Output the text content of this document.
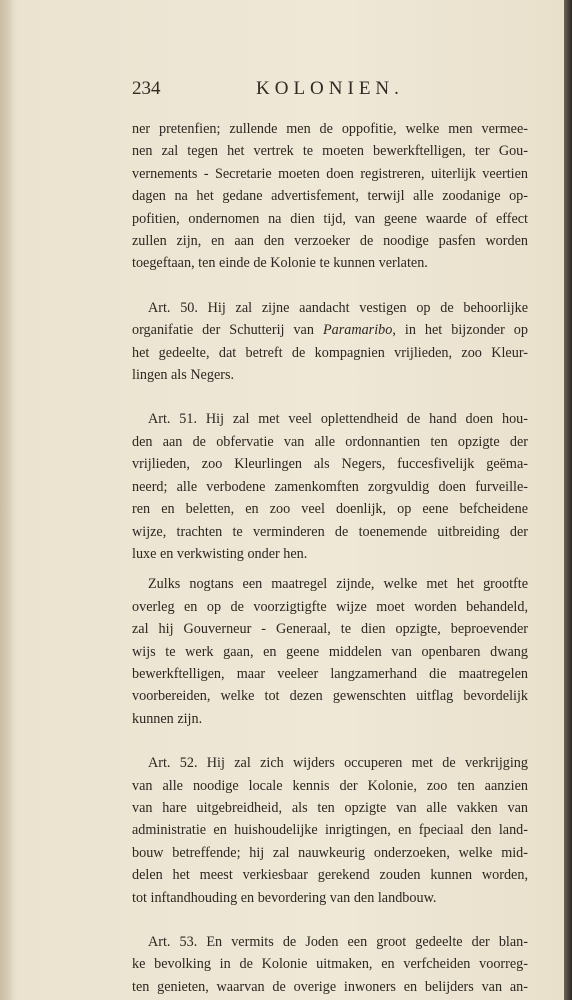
234	KOLONIEN.
ner pretenfien; zullende men de oppofitie, welke men vermee-
nen zal tegen het vertrek te moeten bewerkftelligen, ter Gou-
vernements - Secretarie moeten doen registreren, uiterlijk veertien
dagen na het gedane advertisfement, terwijl alle zoodanige op-
pofitien, ondernomen na dien tijd, van geene waarde of effect
zullen zijn, en aan den verzoeker de noodige pasfen worden
toegeftaan, ten einde de Kolonie te kunnen verlaten.
Art. 50. Hij zal zijne aandacht vestigen op de behoorlijke
organifatie der Schutterij van Paramaribo, in het bijzonder op
het gedeelte, dat betreft de kompagnien vrijlieden, zoo Kleur-
lingen als Negers.
Art. 51. Hij zal met veel oplettendheid de hand doen hou-
den aan de obfervatie van alle ordonnantien ten opzigte der
vrijlieden, zoo Kleurlingen als Negers, fuccesfivelijk geëma-
neerd; alle verbodene zamenkomften zorgvuldig doen furveille-
ren en beletten, en zoo veel doenlijk, op eene befcheidene
wijze, trachten te verminderen de toenemende uitbreiding der
luxe en verkwisting onder hen.
Zulks nogtans een maatregel zijnde, welke met het grootfte
overleg en op de voorzigtigfte wijze moet worden behandeld,
zal hij Gouverneur - Generaal, te dien opzigte, beproevender
wijs te werk gaan, en geene middelen van openbaren dwang
bewerkftelligen, maar veeleer langzamerhand die maatregelen
voorbereiden, welke tot dezen gewenschten uitflag bevordelijk
kunnen zijn.
Art. 52. Hij zal zich wijders occuperen met de verkrijging
van alle noodige locale kennis der Kolonie, zoo ten aanzien
van hare uitgebreidheid, als ten opzigte van alle vakken van
administratie en huishoudelijke inrigtingen, en fpeciaal den land-
bouw betreffende; hij zal nauwkeurig onderzoeken, welke mid-
delen het meest verkiesbaar gerekend zouden kunnen worden,
tot inftandhouding en bevordering van den landbouw.
Art. 53. En vermits de Joden een groot gedeelte der blan-
ke bevolking in de Kolonie uitmaken, en verfcheiden voorreg-
ten genieten, waarvan de overige inwoners en belijders van an-
